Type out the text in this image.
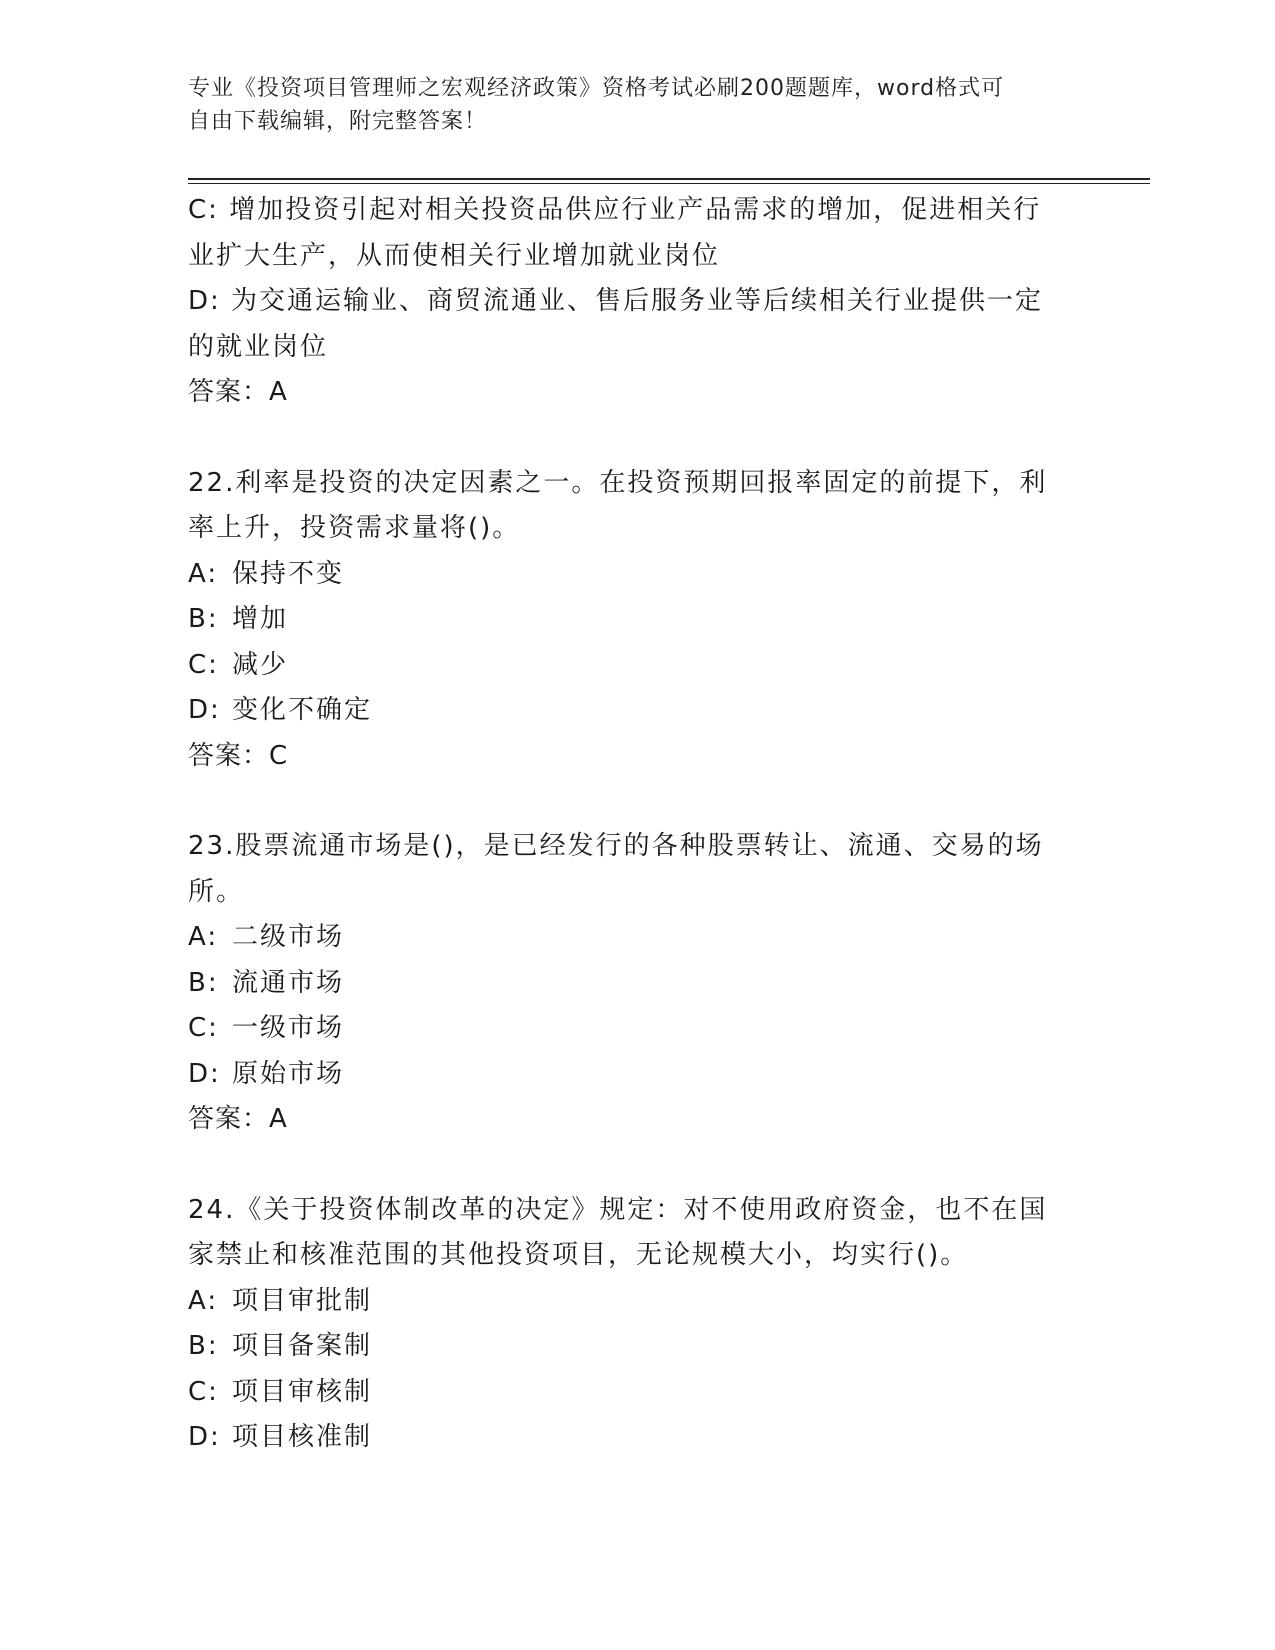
专业《投资项目管理师之宏观经济政策》资格考试必刷200题题库，word格式可
自由下载编辑，附完整答案！
C: 增加投资引起对相关投资品供应行业产品需求的增加，促进相关行业扩大生产，从而使相关行业增加就业岗位
D: 为交通运输业、商贸流通业、售后服务业等后续相关行业提供一定的就业岗位
答案：A
22.利率是投资的决定因素之一。在投资预期回报率固定的前提下，利率上升，投资需求量将()。
A: 保持不变
B: 增加
C: 减少
D: 变化不确定
答案：C
23.股票流通市场是()，是已经发行的各种股票转让、流通、交易的场所。
A: 二级市场
B: 流通市场
C: 一级市场
D: 原始市场
答案：A
24.《关于投资体制改革的决定》规定：对不使用政府资金，也不在国家禁止和核准范围的其他投资项目，无论规模大小，均实行()。
A: 项目审批制
B: 项目备案制
C: 项目审核制
D: 项目核准制
